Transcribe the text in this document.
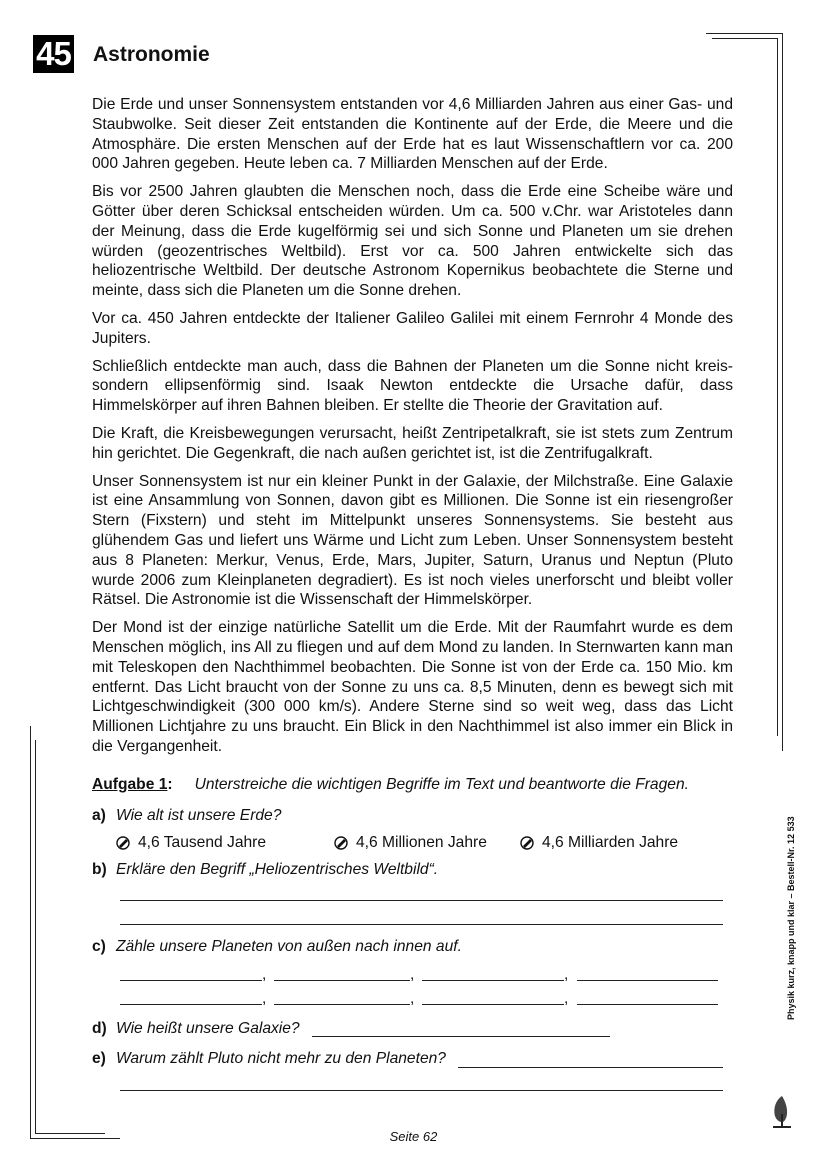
45 Astronomie

Die Erde und unser Sonnensystem entstanden vor 4,6 Milliarden Jahren aus einer Gas- und Staubwolke. Seit dieser Zeit entstanden die Kontinente auf der Erde, die Meere und die Atmosphäre. Die ersten Menschen auf der Erde hat es laut Wissenschaftlern vor ca. 200 000 Jahren gegeben. Heute leben ca. 7 Milliarden Menschen auf der Erde.

Bis vor 2500 Jahren glaubten die Menschen noch, dass die Erde eine Scheibe wäre und Götter über deren Schicksal entscheiden würden. Um ca. 500 v.Chr. war Aristoteles dann der Meinung, dass die Erde kugelförmig sei und sich Sonne und Planeten um sie drehen würden (geozentrisches Weltbild). Erst vor ca. 500 Jahren entwickelte sich das heliozentrische Weltbild. Der deutsche Astronom Kopernikus beobachtete die Sterne und meinte, dass sich die Planeten um die Sonne drehen.

Vor ca. 450 Jahren entdeckte der Italiener Galileo Galilei mit einem Fernrohr 4 Monde des Jupiters.

Schließlich entdeckte man auch, dass die Bahnen der Planeten um die Sonne nicht kreis- sondern ellipsenförmig sind. Isaak Newton entdeckte die Ursache dafür, dass Himmelskörper auf ihren Bahnen bleiben. Er stellte die Theorie der Gravitation auf.

Die Kraft, die Kreisbewegungen verursacht, heißt Zentripetalkraft, sie ist stets zum Zentrum hin gerichtet. Die Gegenkraft, die nach außen gerichtet ist, ist die Zentrifugalkraft.

Unser Sonnensystem ist nur ein kleiner Punkt in der Galaxie, der Milchstraße. Eine Galaxie ist eine Ansammlung von Sonnen, davon gibt es Millionen. Die Sonne ist ein riesengroßer Stern (Fixstern) und steht im Mittelpunkt unseres Sonnensystems. Sie besteht aus glühendem Gas und liefert uns Wärme und Licht zum Leben. Unser Sonnensystem besteht aus 8 Planeten: Merkur, Venus, Erde, Mars, Jupiter, Saturn, Uranus und Neptun (Pluto wurde 2006 zum Kleinplaneten degradiert). Es ist noch vieles unerforscht und bleibt voller Rätsel. Die Astronomie ist die Wissenschaft der Himmelskörper.

Der Mond ist der einzige natürliche Satellit um die Erde. Mit der Raumfahrt wurde es dem Menschen möglich, ins All zu fliegen und auf dem Mond zu landen. In Sternwarten kann man mit Teleskopen den Nachthimmel beobachten. Die Sonne ist von der Erde ca. 150 Mio. km entfernt. Das Licht braucht von der Sonne zu uns ca. 8,5 Minuten, denn es bewegt sich mit Lichtgeschwindigkeit (300 000 km/s). Andere Sterne sind so weit weg, dass das Licht Millionen Lichtjahre zu uns braucht. Ein Blick in den Nachthimmel ist also immer ein Blick in die Vergangenheit.

Aufgabe 1: Unterstreiche die wichtigen Begriffe im Text und beantworte die Fragen.
a) Wie alt ist unsere Erde?
4,6 Tausend Jahre	4,6 Millionen Jahre	4,6 Milliarden Jahre
b) Erkläre den Begriff „Heliozentrisches Weltbild“.
c) Zähle unsere Planeten von außen nach innen auf.
,	,	,
,	,	,
d) Wie heißt unsere Galaxie?
e) Warum zählt Pluto nicht mehr zu den Planeten?
Physik kurz, knapp und klar – Bestell-Nr. 12 533
Seite 62
